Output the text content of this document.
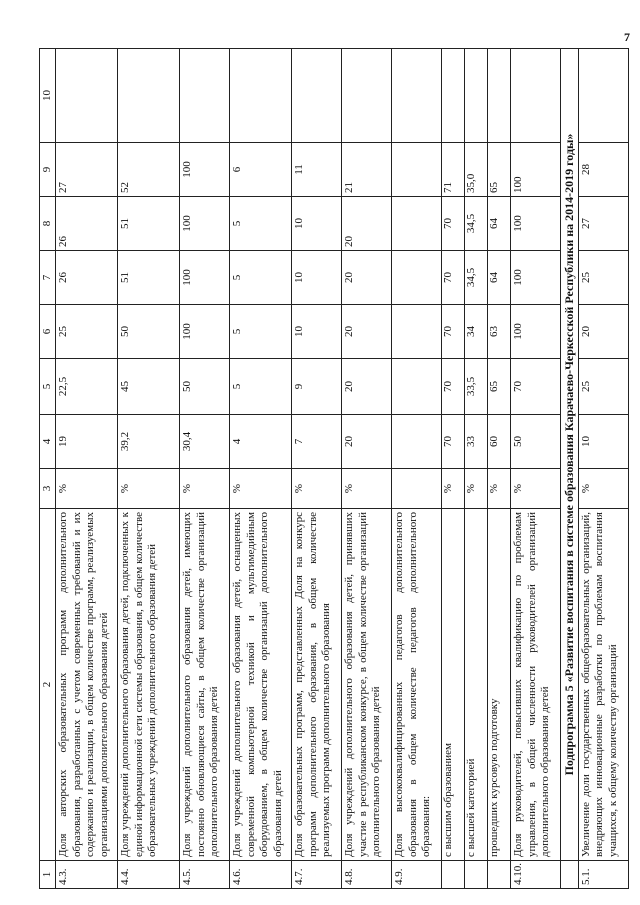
7
1	2	3	4	5	6	7	8	9	10
4.3.	Доля авторских образовательных программ дополнительного образования, разработанных с учетом современных требований и их содержанию и реализации, в общем количестве программ, реализуемых организациями дополнительного образования детей	%	19	22,5	25	26	26	27	
4.4.	Доля учреждений дополнительного образования детей, подключенных к единой информационной сети системы образования, в общем количестве образовательных учреждений дополнительного образования детей	%	39,2	45	50	51	51	52	
4.5.	Доля учреждений дополнительного образования детей, имеющих постоянно обновляющиеся сайты, в общем количестве организаций дополнительного образования детей	%	30,4	50	100	100	100	100	
4.6.	Доля учреждений дополнительного образования детей, оснащенных современной компьютерной техникой и мультимедийным оборудованием, в общем количестве организаций дополнительного образования детей	%	4	5	5	5	5	6	
4.7.	Доля образовательных программ, представленных Доля на конкурс программ дополнительного образования, в общем количестве реализуемых программ дополнительного образования	%	7	9	10	10	10	11	
4.8.	Доля учреждений дополнительного образования детей, принявших участие в республиканском конкурсе, в общем количестве организаций дополнительного образования детей	%	20	20	20	20	20	21	
4.9.	Доля высококвалифицированных педагогов дополнительного образования в общем количестве педагогов дополнительного образования:								
	с высшим образованием	%	70	70	70	70	70	71	
	с высшей категорией	%	33	33,5	34	34,5	34,5	35,0	
	прошедших курсовую подготовку	%	60	65	63	64	64	65	
4.10.	Доля руководителей, повысивших квалификацию по проблемам управления, в общей численности руководителей организаций дополнительного образования детей	%	50	70	100	100	100	100	
	Подпрограмма 5 «Развитие воспитания в системе образования Карачаево-Черкесской Республики на 2014-2019 годы»								
5.1.	Увеличение доли государственных общеобразовательных организаций, внедряющих инновационные разработки по проблемам воспитания учащихся, к общему количеству организаций	%	10	25	20	25	27	28	
